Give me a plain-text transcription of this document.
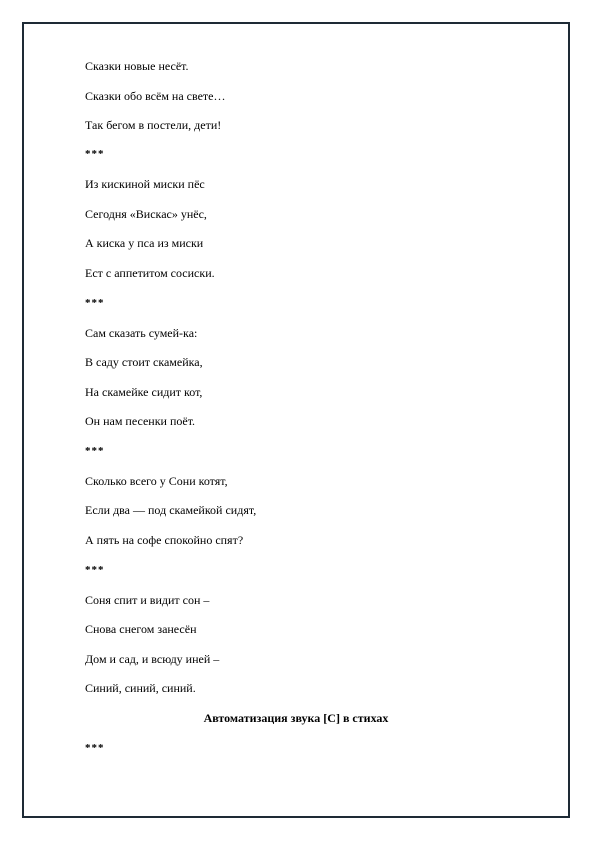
Сказки новые несёт.
Сказки обо всём на свете…
Так бегом в постели, дети!
***
Из кискиной миски пёс
Сегодня «Вискас» унёс,
А киска у пса из миски
Ест с аппетитом сосиски.
***
Сам сказать сумей-ка:
В саду стоит скамейка,
На скамейке сидит кот,
Он нам песенки поёт.
***
Сколько всего у Сони котят,
Если два — под скамейкой сидят,
А пять на софе спокойно спят?
***
Соня спит и видит сон –
Снова снегом занесён
Дом и сад, и всюду иней –
Синий, синий, синий.
Автоматизация звука [С] в стихах
***
